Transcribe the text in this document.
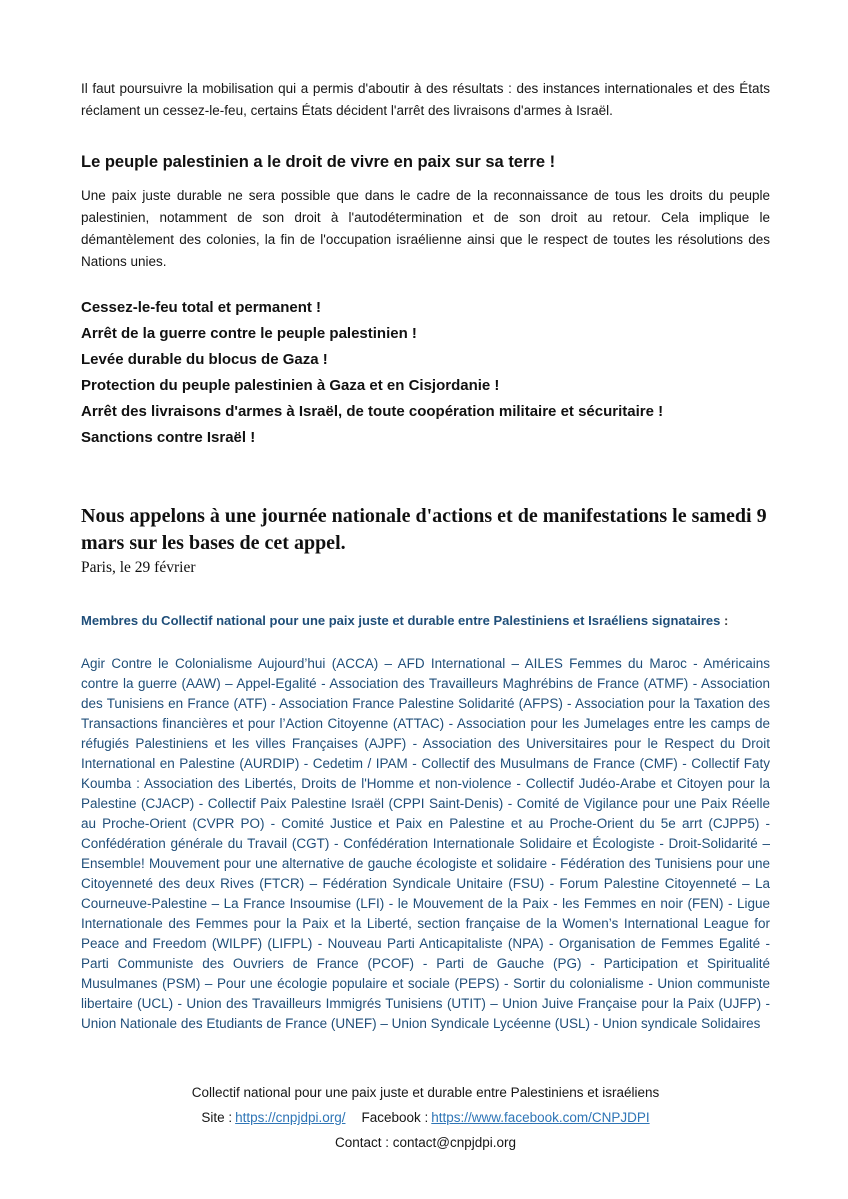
Il faut poursuivre la mobilisation qui a permis d'aboutir à des résultats : des instances internationales et des États réclament un cessez-le-feu, certains États décident l'arrêt des livraisons d'armes à Israël.

Le peuple palestinien a le droit de vivre en paix sur sa terre !

Une paix juste durable ne sera possible que dans le cadre de la reconnaissance de tous les droits du peuple palestinien, notamment de son droit à l'autodétermination et de son droit au retour. Cela implique le démantèlement des colonies, la fin de l'occupation israélienne ainsi que le respect de toutes les résolutions des Nations unies.

Cessez-le-feu total et permanent !
Arrêt de la guerre contre le peuple palestinien !
Levée durable du blocus de Gaza !
Protection du peuple palestinien à Gaza et en Cisjordanie !
Arrêt des livraisons d'armes à Israël, de toute coopération militaire et sécuritaire !
Sanctions contre Israël !
Nous appelons à une journée nationale d'actions et de manifestations le samedi 9 mars sur les bases de cet appel.

Paris, le 29 février

Membres du Collectif national pour une paix juste et durable entre Palestiniens et Israéliens signataires :

Agir Contre le Colonialisme Aujourd’hui (ACCA) – AFD International – AILES Femmes du Maroc - Américains contre la guerre (AAW) – Appel-Egalité - Association des Travailleurs Maghrébins de France (ATMF) - Association des Tunisiens en France (ATF) - Association France Palestine Solidarité (AFPS) - Association pour la Taxation des Transactions financières et pour l’Action Citoyenne (ATTAC) - Association pour les Jumelages entre les camps de réfugiés Palestiniens et les villes Françaises (AJPF) - Association des Universitaires pour le Respect du Droit International en Palestine (AURDIP) - Cedetim / IPAM - Collectif des Musulmans de France (CMF) - Collectif Faty Koumba : Association des Libertés, Droits de l'Homme et non-violence - Collectif Judéo-Arabe et Citoyen pour la Palestine (CJACP) - Collectif Paix Palestine Israël (CPPI Saint-Denis) - Comité de Vigilance pour une Paix Réelle au Proche-Orient (CVPR PO) - Comité Justice et Paix en Palestine et au Proche-Orient du 5e arrt (CJPP5) - Confédération générale du Travail (CGT) - Confédération Internationale Solidaire et Écologiste - Droit-Solidarité – Ensemble! Mouvement pour une alternative de gauche écologiste et solidaire - Fédération des Tunisiens pour une Citoyenneté des deux Rives (FTCR) – Fédération Syndicale Unitaire (FSU) - Forum Palestine Citoyenneté – La Courneuve-Palestine – La France Insoumise (LFI) - le Mouvement de la Paix - les Femmes en noir (FEN) - Ligue Internationale des Femmes pour la Paix et la Liberté, section française de la Women’s International League for Peace and Freedom (WILPF) (LIFPL) - Nouveau Parti Anticapitaliste (NPA) - Organisation de Femmes Egalité - Parti Communiste des Ouvriers de France (PCOF) - Parti de Gauche (PG) - Participation et Spiritualité Musulmanes (PSM) – Pour une écologie populaire et sociale (PEPS) - Sortir du colonialisme - Union communiste libertaire (UCL) - Union des Travailleurs Immigrés Tunisiens (UTIT) – Union Juive Française pour la Paix (UJFP) -Union Nationale des Etudiants de France (UNEF) – Union Syndicale Lycéenne (USL) - Union syndicale Solidaires

Collectif national pour une paix juste et durable entre Palestiniens et israéliens
Site : https://cnpjdpi.org/ Facebook : https://www.facebook.com/CNPJDPI
Contact : contact@cnpjdpi.org
